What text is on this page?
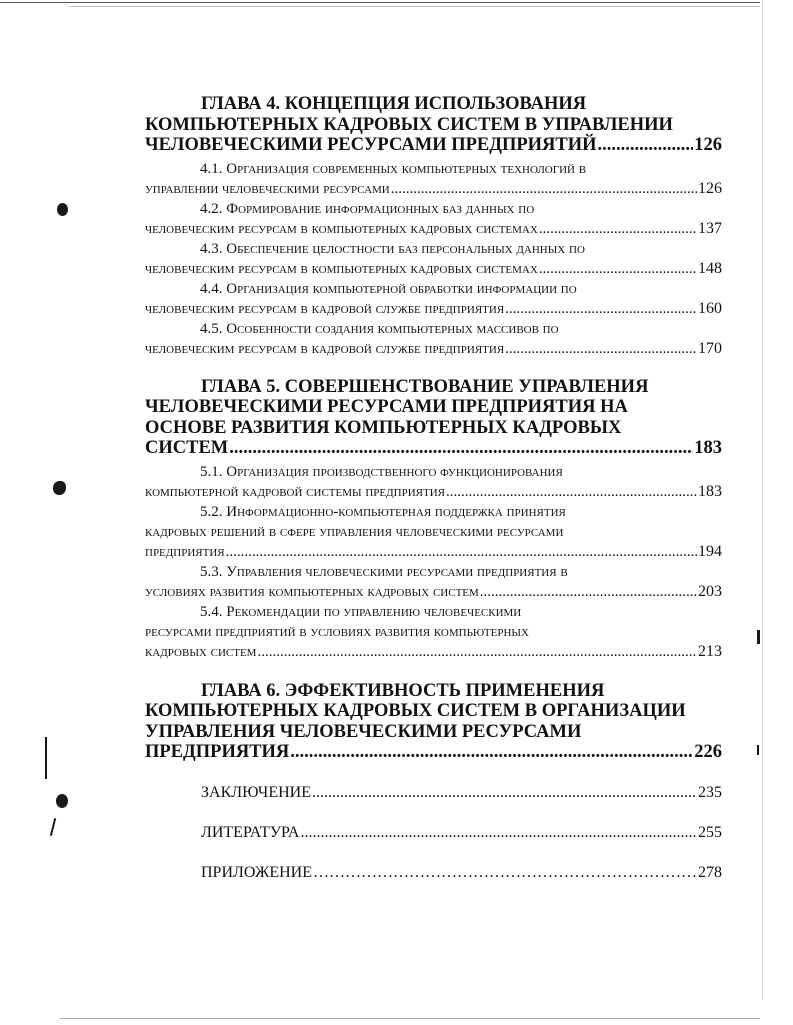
ГЛАВА 4. КОНЦЕПЦИЯ ИСПОЛЬЗОВАНИЯ
КОМПЬЮТЕРНЫХ КАДРОВЫХ СИСТЕМ В УПРАВЛЕНИИ
ЧЕЛОВЕЧЕСКИМИ РЕСУРСАМИ ПРЕДПРИЯТИЙ .....	126
4.1. Организация современных компьютерных технологий в
управлении человеческими ресурсами .....	126
4.2. Формирование информационных баз данных по
человеческим ресурсам в компьютерных кадровых системах .....	137
4.3. Обеспечение целостности баз персональных данных по
человеческим ресурсам в компьютерных кадровых системах .....	148
4.4. Организация компьютерной обработки информации по
человеческим ресурсам в кадровой службе предприятия .....	160
4.5. Особенности создания компьютерных массивов по
человеческим ресурсам в кадровой службе предприятия .....	170
ГЛАВА 5. СОВЕРШЕНСТВОВАНИЕ УПРАВЛЕНИЯ
ЧЕЛОВЕЧЕСКИМИ РЕСУРСАМИ ПРЕДПРИЯТИЯ НА
ОСНОВЕ РАЗВИТИЯ КОМПЬЮТЕРНЫХ КАДРОВЫХ
СИСТЕМ .....	183
5.1. Организация производственного функционирования
компьютерной кадровой системы предприятия .....	183
5.2. Информационно-компьютерная поддержка принятия
кадровых решений в сфере управления человеческими ресурсами
предприятия .....	194
5.3. Управления человеческими ресурсами предприятия в
условиях развития компьютерных кадровых систем .....	203
5.4. Рекомендации по управлению человеческими
ресурсами предприятий в условиях развития компьютерных
кадровых систем .....	213
ГЛАВА 6. ЭФФЕКТИВНОСТЬ ПРИМЕНЕНИЯ
КОМПЬЮТЕРНЫХ КАДРОВЫХ СИСТЕМ В ОРГАНИЗАЦИИ
УПРАВЛЕНИЯ ЧЕЛОВЕЧЕСКИМИ РЕСУРСАМИ
ПРЕДПРИЯТИЯ .....	226
ЗАКЛЮЧЕНИЕ .....	235
ЛИТЕРАТУРА .....	255
ПРИЛОЖЕНИЕ …………………………………………………………………………………………………………………………………………………………………………………………	278
